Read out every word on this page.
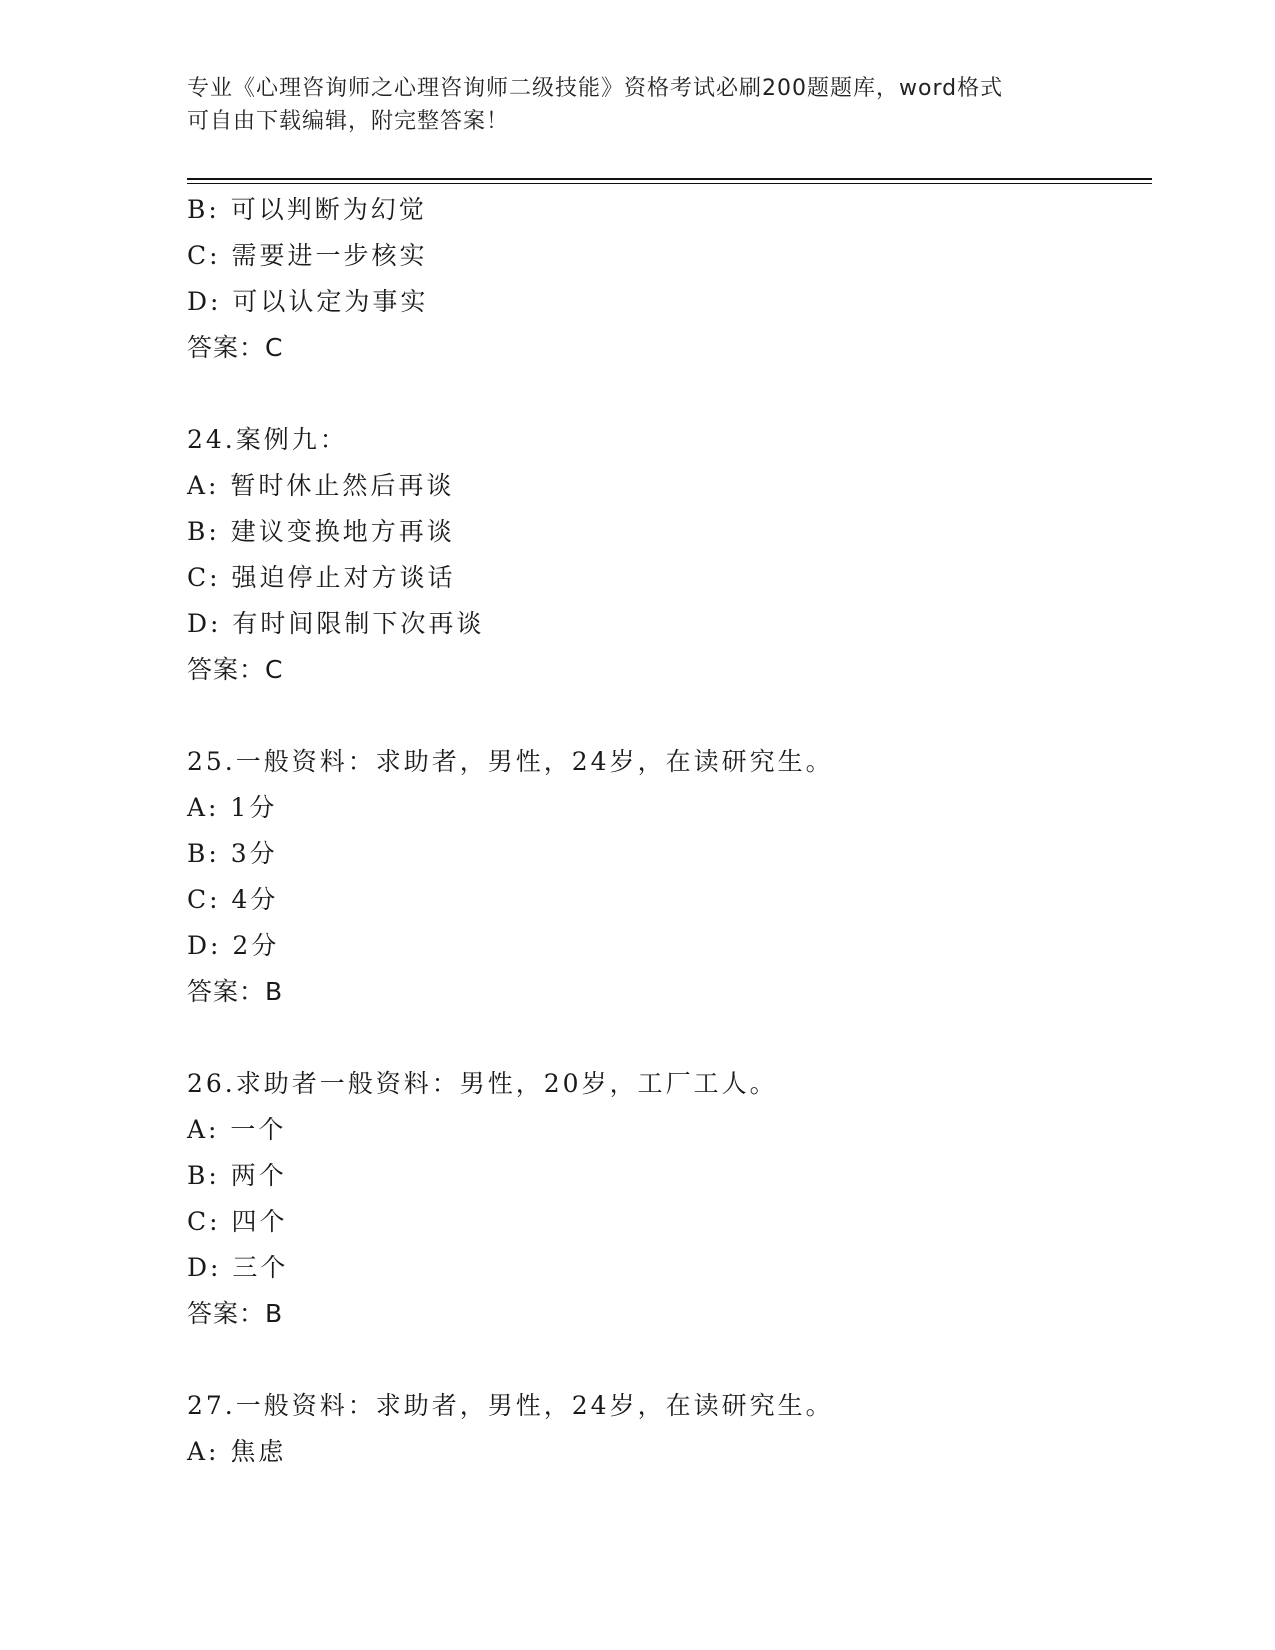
专业《心理咨询师之心理咨询师二级技能》资格考试必刷200题题库，word格式
可自由下载编辑，附完整答案！
B: 可以判断为幻觉
C: 需要进一步核实
D: 可以认定为事实
答案：C
24.案例九：
A: 暂时休止然后再谈
B: 建议变换地方再谈
C: 强迫停止对方谈话
D: 有时间限制下次再谈
答案：C
25.一般资料：求助者，男性，24岁，在读研究生。
A: 1分
B: 3分
C: 4分
D: 2分
答案：B
26.求助者一般资料：男性，20岁，工厂工人。
A: 一个
B: 两个
C: 四个
D: 三个
答案：B
27.一般资料：求助者，男性，24岁，在读研究生。
A: 焦虑
